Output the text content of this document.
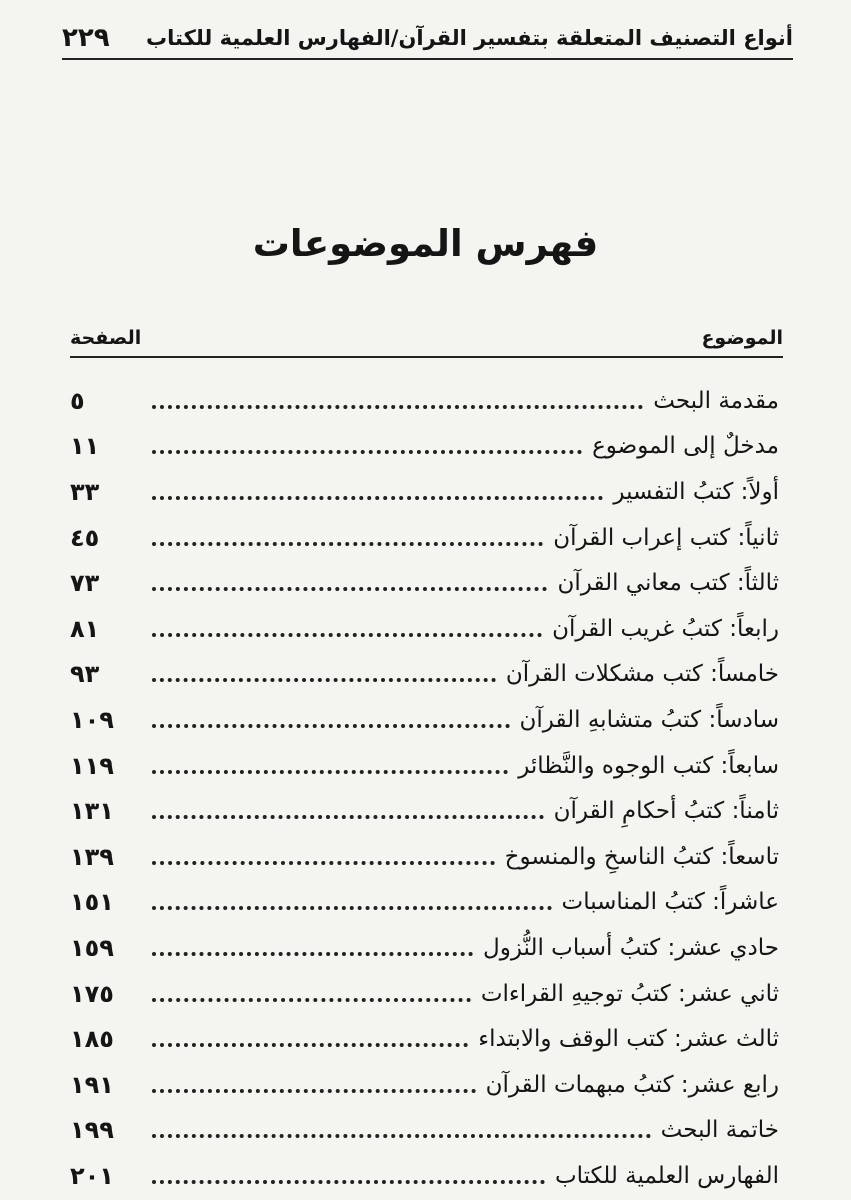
أنواع التصنيف المتعلقة بتفسير القرآن/الفهارس العلمية للكتاب
٢٢٩
فهرس الموضوعات
الموضوع
الصفحة
مقدمة البحث
٥
مدخلٌ إلى الموضوع
١١
أولاً: كتبُ التفسير
٣٣
ثانياً: كتب إعراب القرآن
٤٥
ثالثاً: كتب معاني القرآن
٧٣
رابعاً: كتبُ غريب القرآن
٨١
خامساً: كتب مشكلات القرآن
٩٣
سادساً: كتبُ متشابهِ القرآن
١٠٩
سابعاً: كتب الوجوه والنَّظائر
١١٩
ثامناً: كتبُ أحكامِ القرآن
١٣١
تاسعاً: كتبُ الناسخِ والمنسوخ
١٣٩
عاشراً: كتبُ المناسبات
١٥١
حادي عشر: كتبُ أسباب النُّزول
١٥٩
ثاني عشر: كتبُ توجيهِ القراءات
١٧٥
ثالث عشر: كتب الوقف والابتداء
١٨٥
رابع عشر: كتبُ مبهمات القرآن
١٩١
خاتمة البحث
١٩٩
الفهارس العلمية للكتاب
٢٠١
